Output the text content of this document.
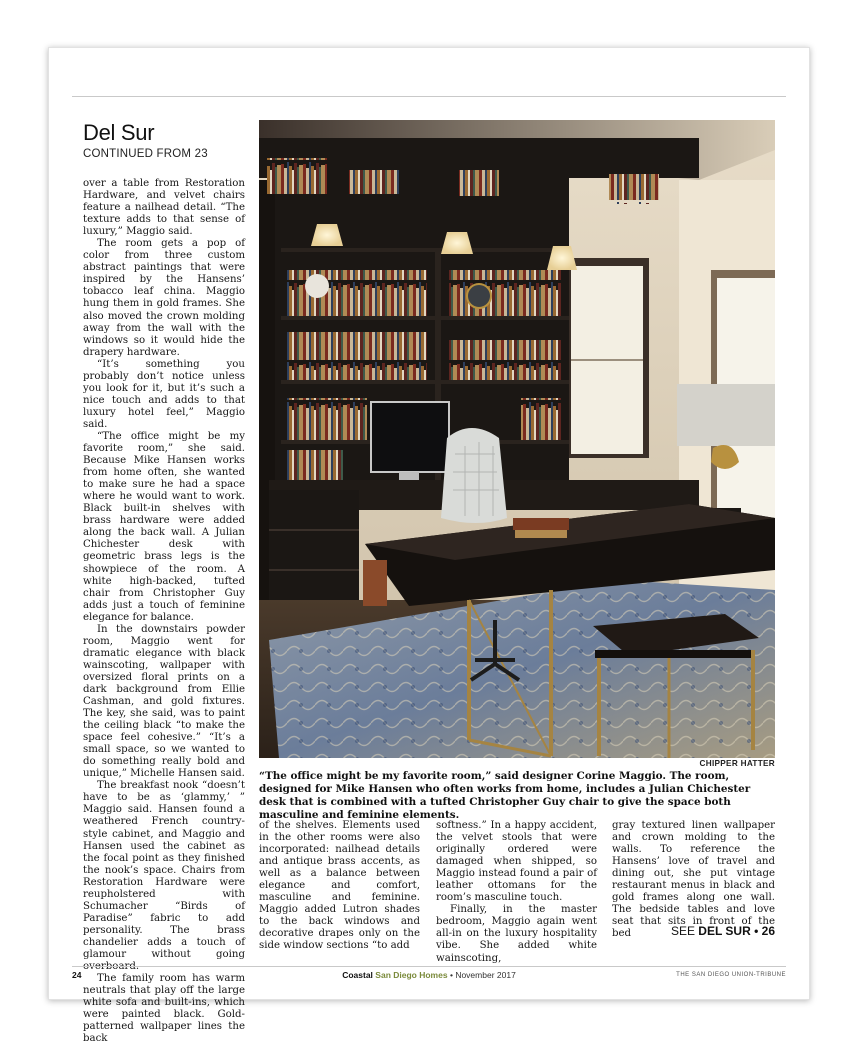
Del Sur
CONTINUED FROM 23

over a table from Restoration Hardware, and velvet chairs feature a nailhead detail. “The texture adds to that sense of luxury,” Maggio said.

The room gets a pop of color from three custom abstract paintings that were inspired by the Hansens’ tobacco leaf china. Maggio hung them in gold frames. She also moved the crown molding away from the wall with the windows so it would hide the drapery hardware.

“It’s something you probably don’t notice unless you look for it, but it’s such a nice touch and adds to that luxury hotel feel,” Maggio said.

“The office might be my favorite room,” she said. Because Mike Hansen works from home often, she wanted to make sure he had a space where he would want to work. Black built-in shelves with brass hardware were added along the back wall. A Julian Chichester desk with geometric brass legs is the showpiece of the room. A white high-backed, tufted chair from Christopher Guy adds just a touch of feminine elegance for balance.

In the downstairs powder room, Maggio went for dramatic elegance with black wainscoting, wallpaper with oversized floral prints on a dark background from Ellie Cashman, and gold fixtures. The key, she said, was to paint the ceiling black “to make the space feel cohesive.” “It’s a small space, so we wanted to do something really bold and unique,” Michelle Hansen said.

The breakfast nook “doesn’t have to be as ‘glammy,’ ” Maggio said. Hansen found a weathered French country-style cabinet, and Maggio and Hansen used the cabinet as the focal point as they finished the nook’s space. Chairs from Restoration Hardware were reupholstered with Schumacher “Birds of Paradise” fabric to add personality. The brass chandelier adds a touch of glamour without going

The family room has warm neutrals that play off the large white sofa and built-ins, which were painted black. Gold-patterned wallpaper lines the back

CHIPPER HATTER
“The office might be my favorite room,” said designer Corine Maggio. The room, designed for Mike Hansen who often works from home, includes a Julian Chichester desk that is combined with a tufted Christopher Guy chair to give the space both masculine and feminine elements.

of the shelves. Elements used in the other rooms were also incorporated: nailhead details and antique brass accents, as well as a balance between elegance and comfort, masculine and feminine. Maggio added Lutron shades to the back windows and decorative drapes only on the side window sections “to add

softness.” In a happy accident, the velvet stools that were originally ordered were damaged when shipped, so Maggio instead found a pair of leather ottomans for the room’s masculine touch.

Finally, in the master bedroom, Maggio again went all-in on the luxury hospitality vibe. She added white wainscoting,

gray textured linen wallpaper and crown molding to the walls. To reference the Hansens’ love of travel and dining out, she put vintage restaurant menus in black and gold frames along one wall. The bedside tables and love seat that sits in front of the bed	SEE DEL SUR • 26
24	Coastal San Diego Homes • November 2017	THE SAN DIEGO UNION-TRIBUNE
